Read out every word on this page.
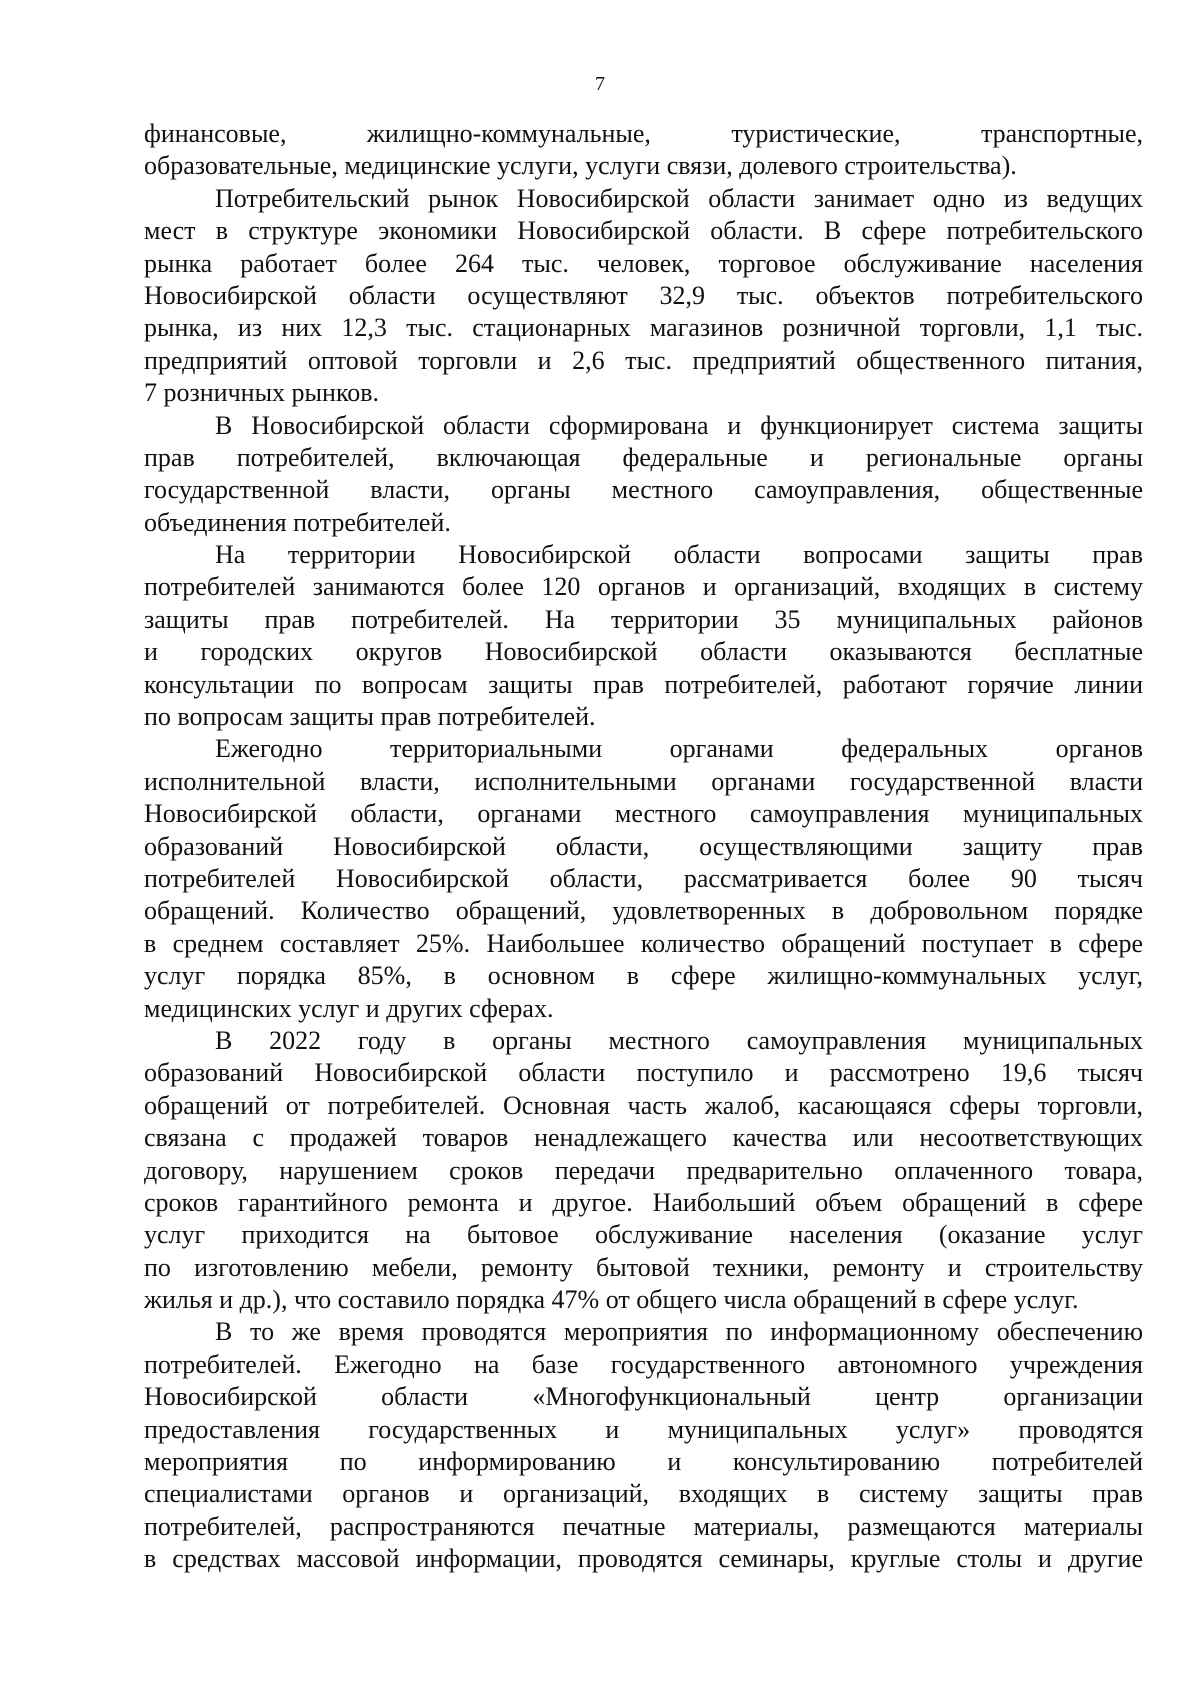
7
финансовые, жилищно-коммунальные, туристические, транспортные,
образовательные, медицинские услуги, услуги связи, долевого строительства).
Потребительский рынок Новосибирской области занимает одно из ведущих
мест в структуре экономики Новосибирской области. В сфере потребительского
рынка работает более 264 тыс. человек, торговое обслуживание населения
Новосибирской области осуществляют 32,9 тыс. объектов потребительского
рынка, из них 12,3 тыс. стационарных магазинов розничной торговли, 1,1 тыс.
предприятий оптовой торговли и 2,6 тыс. предприятий общественного питания,
7 розничных рынков.
В Новосибирской области сформирована и функционирует система защиты
прав потребителей, включающая федеральные и региональные органы
государственной власти, органы местного самоуправления, общественные
объединения потребителей.
На территории Новосибирской области вопросами защиты прав
потребителей занимаются более 120 органов и организаций, входящих в систему
защиты прав потребителей. На территории 35 муниципальных районов
и городских округов Новосибирской области оказываются бесплатные
консультации по вопросам защиты прав потребителей, работают горячие линии
по вопросам защиты прав потребителей.
Ежегодно территориальными органами федеральных органов
исполнительной власти, исполнительными органами государственной власти
Новосибирской области, органами местного самоуправления муниципальных
образований Новосибирской области, осуществляющими защиту прав
потребителей Новосибирской области, рассматривается более 90 тысяч
обращений. Количество обращений, удовлетворенных в добровольном порядке
в среднем составляет 25%. Наибольшее количество обращений поступает в сфере
услуг порядка 85%, в основном в сфере жилищно-коммунальных услуг,
медицинских услуг и других сферах.
В 2022 году в органы местного самоуправления муниципальных
образований Новосибирской области поступило и рассмотрено 19,6 тысяч
обращений от потребителей. Основная часть жалоб, касающаяся сферы торговли,
связана с продажей товаров ненадлежащего качества или несоответствующих
договору, нарушением сроков передачи предварительно оплаченного товара,
сроков гарантийного ремонта и другое. Наибольший объем обращений в сфере
услуг приходится на бытовое обслуживание населения (оказание услуг
по изготовлению мебели, ремонту бытовой техники, ремонту и строительству
жилья и др.), что составило порядка 47% от общего числа обращений в сфере услуг.
В то же время проводятся мероприятия по информационному обеспечению
потребителей. Ежегодно на базе государственного автономного учреждения
Новосибирской области «Многофункциональный центр организации
предоставления государственных и муниципальных услуг» проводятся
мероприятия по информированию и консультированию потребителей
специалистами органов и организаций, входящих в систему защиты прав
потребителей, распространяются печатные материалы, размещаются материалы
в средствах массовой информации, проводятся семинары, круглые столы и другие
